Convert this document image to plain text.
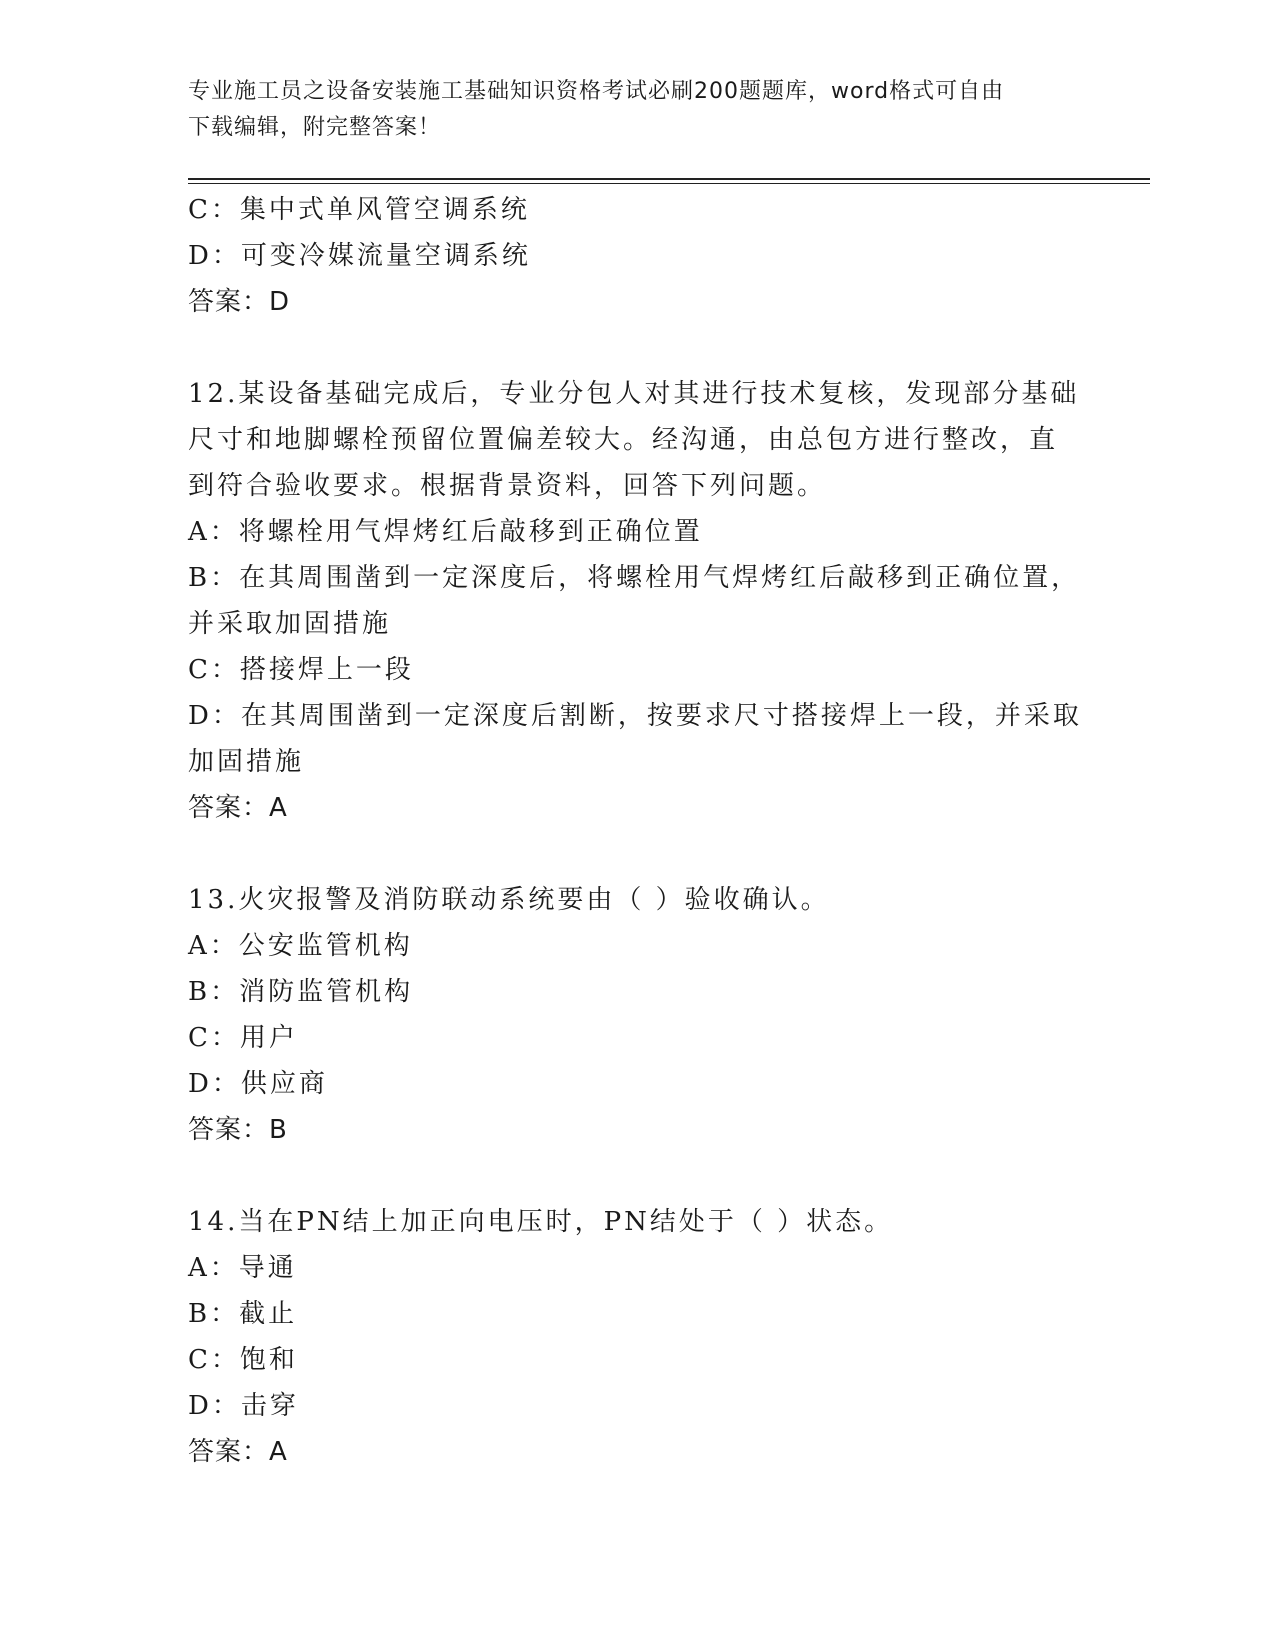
专业施工员之设备安装施工基础知识资格考试必刷200题题库，word格式可自由
下载编辑，附完整答案！
C：集中式单风管空调系统
D：可变冷媒流量空调系统
答案：D
12.某设备基础完成后，专业分包人对其进行技术复核，发现部分基础
尺寸和地脚螺栓预留位置偏差较大。经沟通，由总包方进行整改，直
到符合验收要求。根据背景资料，回答下列问题。
A：将螺栓用气焊烤红后敲移到正确位置
B：在其周围凿到一定深度后，将螺栓用气焊烤红后敲移到正确位置，
并采取加固措施
C：搭接焊上一段
D：在其周围凿到一定深度后割断，按要求尺寸搭接焊上一段，并采取
加固措施
答案：A
13.火灾报警及消防联动系统要由（ ）验收确认。
A：公安监管机构
B：消防监管机构
C：用户
D：供应商
答案：B
14.当在PN结上加正向电压时，PN结处于（ ）状态。
A：导通
B：截止
C：饱和
D：击穿
答案：A
